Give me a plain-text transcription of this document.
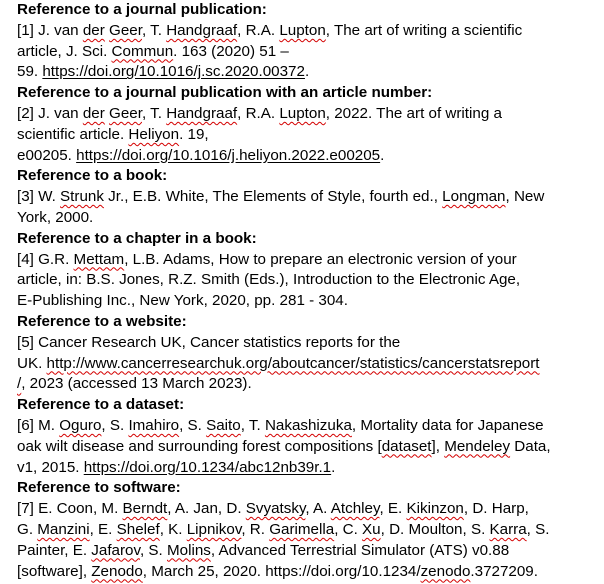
Reference to a journal publication:
[1] J. van der Geer, T. Handgraaf, R.A. Lupton, The art of writing a scientific
article, J. Sci. Commun. 163 (2020) 51 –
59. https://doi.org/10.1016/j.sc.2020.00372.
Reference to a journal publication with an article number:
[2] J. van der Geer, T. Handgraaf, R.A. Lupton, 2022. The art of writing a
scientific article. Heliyon. 19,
e00205. https://doi.org/10.1016/j.heliyon.2022.e00205.
Reference to a book:
[3] W. Strunk Jr., E.B. White, The Elements of Style, fourth ed., Longman, New
York, 2000.
Reference to a chapter in a book:
[4] G.R. Mettam, L.B. Adams, How to prepare an electronic version of your
article, in: B.S. Jones, R.Z. Smith (Eds.), Introduction to the Electronic Age,
E-Publishing Inc., New York, 2020, pp. 281 - 304.
Reference to a website:
[5] Cancer Research UK, Cancer statistics reports for the
UK. http://www.cancerresearchuk.org/aboutcancer/statistics/cancerstatsreport
/, 2023 (accessed 13 March 2023).
Reference to a dataset:
[6] M. Oguro, S. Imahiro, S. Saito, T. Nakashizuka, Mortality data for Japanese
oak wilt disease and surrounding forest compositions [dataset], Mendeley Data,
v1, 2015. https://doi.org/10.1234/abc12nb39r.1.
Reference to software:
[7] E. Coon, M. Berndt, A. Jan, D. Svyatsky, A. Atchley, E. Kikinzon, D. Harp,
G. Manzini, E. Shelef, K. Lipnikov, R. Garimella, C. Xu, D. Moulton, S. Karra, S.
Painter, E. Jafarov, S. Molins, Advanced Terrestrial Simulator (ATS) v0.88
[software], Zenodo, March 25, 2020. https://doi.org/10.1234/zenodo.3727209.
